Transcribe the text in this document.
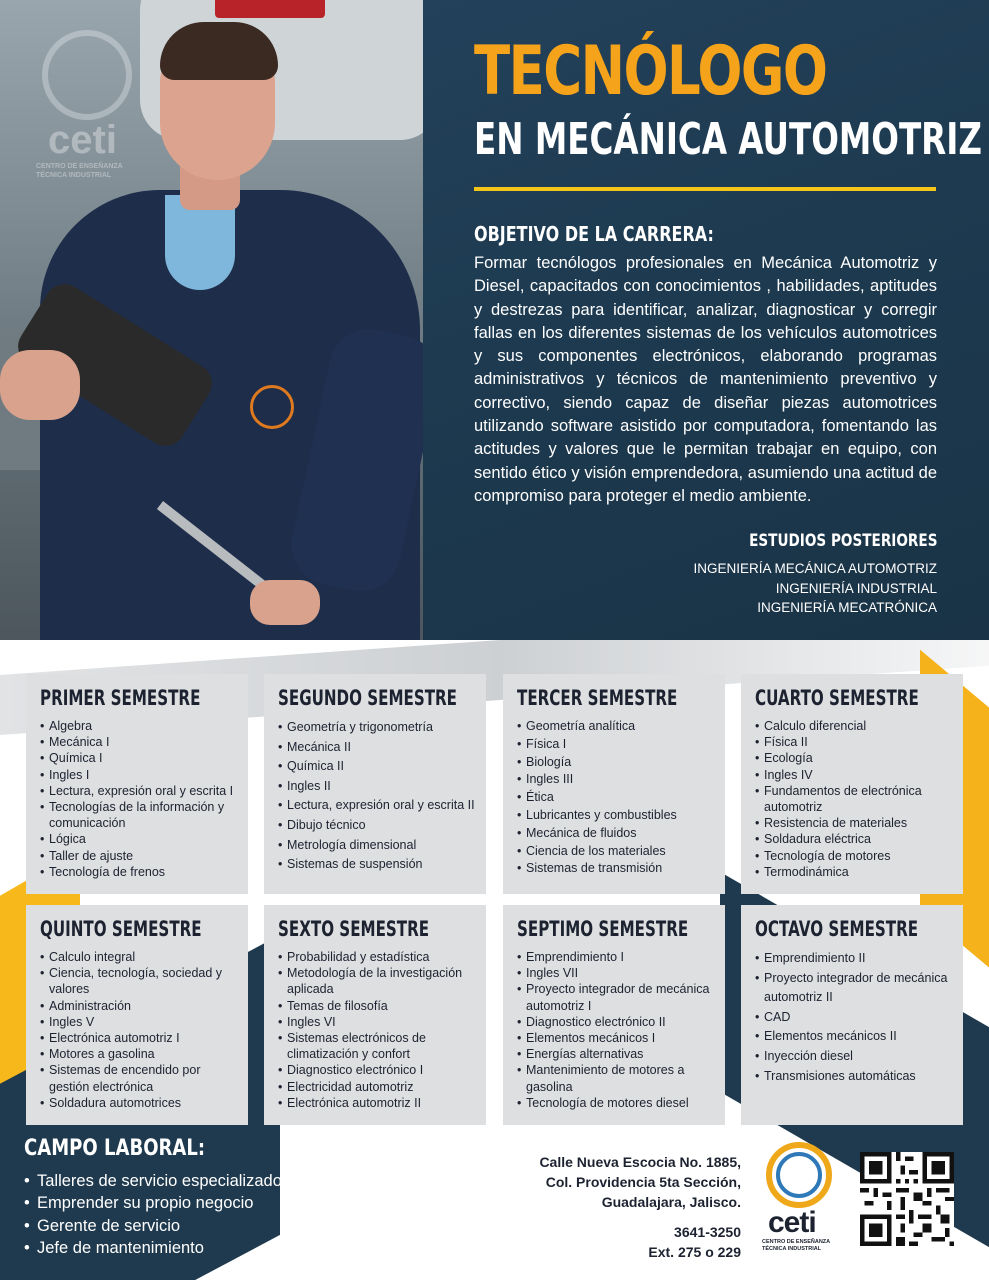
ceti
CENTRO DE ENSEÑANZA TÉCNICA INDUSTRIAL
TECNÓLOGO
EN MECÁNICA AUTOMOTRIZ
OBJETIVO DE LA CARRERA:

Formar tecnólogos profesionales en Mecánica Automotriz y Diesel, capacitados con conocimientos , habilidades, aptitudes y destrezas para identificar, analizar, diagnosticar y corregir fallas en los diferentes sistemas de los vehículos automotrices y sus componentes electrónicos, elaborando programas administrativos y técnicos de mantenimiento preventivo y correctivo, siendo capaz de diseñar piezas automotrices utilizando software asistido por computadora, fomentando las actitudes y valores que le permitan trabajar en equipo, con sentido ético y visión emprendedora, asumiendo una actitud de compromiso para proteger el medio ambiente.

ESTUDIOS POSTERIORES
INGENIERÍA MECÁNICA AUTOMOTRIZ
INGENIERÍA INDUSTRIAL
INGENIERÍA MECATRÓNICA
PRIMER SEMESTRE
• Algebra
• Mecánica I
• Química I
• Ingles I
• Lectura, expresión oral y escrita I
• Tecnologías de la información y comunicación
• Lógica
• Taller de ajuste
• Tecnología de frenos
SEGUNDO SEMESTRE
• Geometría y trigonometría
• Mecánica II
• Química II
• Ingles II
• Lectura, expresión oral y escrita II
• Dibujo técnico
• Metrología dimensional
• Sistemas de suspensión
TERCER SEMESTRE
• Geometría analítica
• Física I
• Biología
• Ingles III
• Ética
• Lubricantes y combustibles
• Mecánica de fluidos
• Ciencia de los materiales
• Sistemas de transmisión
CUARTO SEMESTRE
• Calculo diferencial
• Física II
• Ecología
• Ingles IV
• Fundamentos de electrónica automotriz
• Resistencia de materiales
• Soldadura eléctrica
• Tecnología de motores
• Termodinámica
QUINTO SEMESTRE
• Calculo integral
• Ciencia, tecnología, sociedad y valores
• Administración
• Ingles V
• Electrónica automotriz I
• Motores a gasolina
• Sistemas de encendido por gestión electrónica
• Soldadura automotrices
SEXTO SEMESTRE
• Probabilidad y estadística
• Metodología de la investigación aplicada
• Temas de filosofía
• Ingles VI
• Sistemas electrónicos de climatización y confort
• Diagnostico electrónico I
• Electricidad automotriz
• Electrónica automotriz II
SEPTIMO SEMESTRE
• Emprendimiento I
• Ingles VII
• Proyecto integrador de mecánica automotriz I
• Diagnostico electrónico II
• Elementos mecánicos I
• Energías alternativas
• Mantenimiento de motores a gasolina
• Tecnología de motores diesel
OCTAVO SEMESTRE
• Emprendimiento II
• Proyecto integrador de mecánica automotriz II
• CAD
• Elementos mecánicos II
• Inyección diesel
• Transmisiones automáticas
CAMPO LABORAL:
• Talleres de servicio especializado
• Emprender su propio negocio
• Gerente de servicio
• Jefe de mantenimiento
Calle Nueva Escocia No. 1885,
Col. Providencia 5ta Sección,
Guadalajara, Jalisco.
3641-3250
Ext. 275 o 229
ceti
CENTRO DE ENSEÑANZA TÉCNICA INDUSTRIAL
